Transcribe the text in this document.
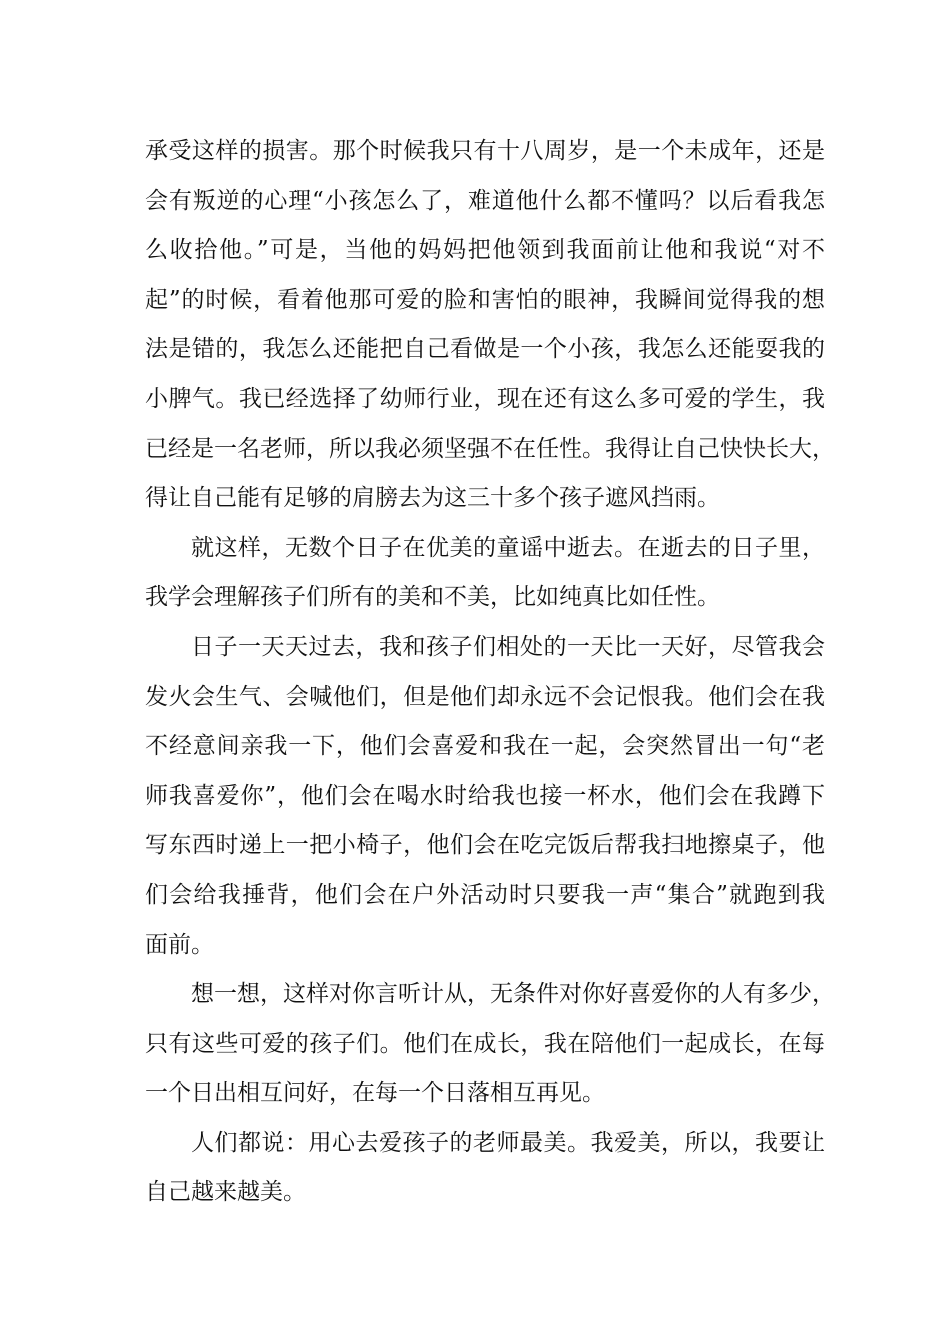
承受这样的损害。那个时候我只有十八周岁，是一个未成年，还是
会有叛逆的心理“小孩怎么了，难道他什么都不懂吗？以后看我怎
么收拾他。”可是，当他的妈妈把他领到我面前让他和我说“对不
起”的时候，看着他那可爱的脸和害怕的眼神，我瞬间觉得我的想
法是错的，我怎么还能把自己看做是一个小孩，我怎么还能耍我的
小脾气。我已经选择了幼师行业，现在还有这么多可爱的学生，我
已经是一名老师，所以我必须坚强不在任性。我得让自己快快长大，
得让自己能有足够的肩膀去为这三十多个孩子遮风挡雨。
就这样，无数个日子在优美的童谣中逝去。在逝去的日子里，
我学会理解孩子们所有的美和不美，比如纯真比如任性。
日子一天天过去，我和孩子们相处的一天比一天好，尽管我会
发火会生气、会喊他们，但是他们却永远不会记恨我。他们会在我
不经意间亲我一下，他们会喜爱和我在一起，会突然冒出一句“老
师我喜爱你”，他们会在喝水时给我也接一杯水，他们会在我蹲下
写东西时递上一把小椅子，他们会在吃完饭后帮我扫地擦桌子，他
们会给我捶背，他们会在户外活动时只要我一声“集合”就跑到我
面前。
想一想，这样对你言听计从，无条件对你好喜爱你的人有多少，
只有这些可爱的孩子们。他们在成长，我在陪他们一起成长，在每
一个日出相互问好，在每一个日落相互再见。
人们都说：用心去爱孩子的老师最美。我爱美，所以，我要让
自己越来越美。
